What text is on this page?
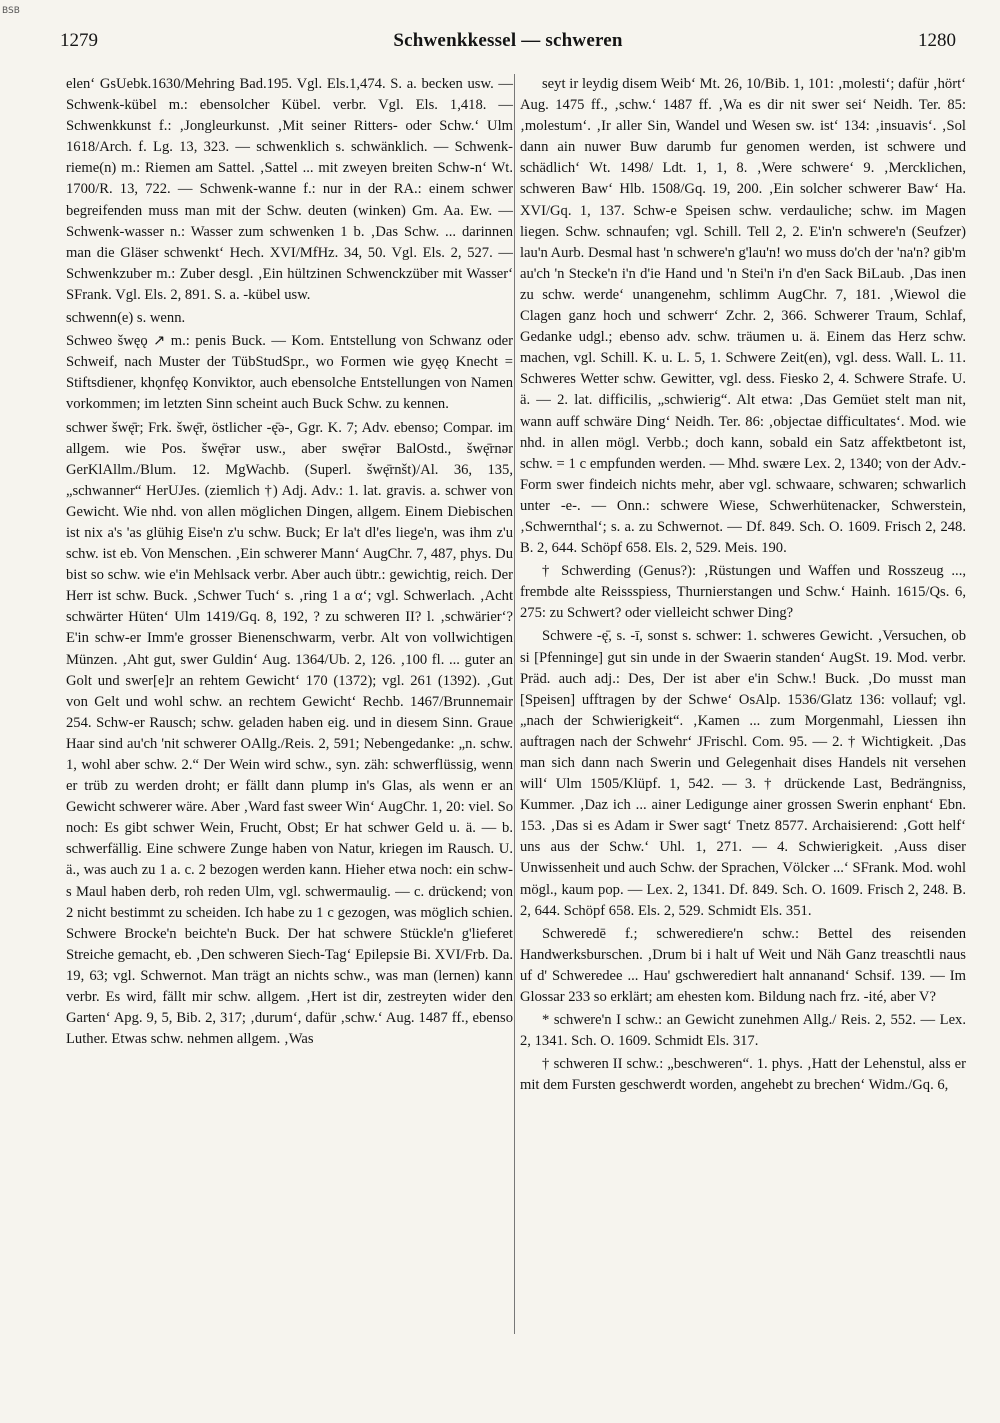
BSB
1279	Schwenkkessel — schweren	1280

elen‘ GsUebk.1630/Mehring Bad.195. Vgl. Els.1,474. S. a. becken usw. — Schwenk-kübel m.: ebensolcher Kübel. verbr. Vgl. Els. 1,418. — Schwenkkunst f.: ‚Jongleurkunst. ‚Mit seiner Ritters- oder Schw.‘ Ulm 1618/Arch. f. Lg. 13, 323. — schwenklich s. schwänklich. — Schwenk-rieme(n) m.: Riemen am Sattel. ‚Sattel ... mit zweyen breiten Schw-n‘ Wt. 1700/R. 13, 722. — Schwenk-wanne f.: nur in der RA.: einem schwer begreifenden muss man mit der Schw. deuten (winken) Gm. Aa. Ew. — Schwenk-wasser n.: Wasser zum schwenken 1 b. ‚Das Schw. ... darinnen man die Gläser schwenkt‘ Hech. XVI/MfHz. 34, 50. Vgl. Els. 2, 527. — Schwenkzuber m.: Zuber desgl. ‚Ein hültzinen Schwenckzüber mit Wasser‘ SFrank. Vgl. Els. 2, 891. S. a. -kübel usw.

schwenn(e) s. wenn.

Schweo šwęǫ ↗ m.: penis Buck. — Kom. Entstellung von Schwanz oder Schweif, nach Muster der TübStudSpr., wo Formen wie gyęǫ Knecht = Stiftsdiener, khǫnfęǫ Konviktor, auch ebensolche Entstellungen von Namen vorkommen; im letzten Sinn scheint auch Buck Schw. zu kennen.

schwer šwę̄r; Frk. šwę̄r, östlicher -ę̄ə-, Ggr. K. 7; Adv. ebenso; Compar. im allgem. wie Pos. šwę̄rər usw., aber swę̄rər BalOstd., šwę̄rnər GerKlAllm./Blum. 12. MgWachb. (Superl. šwę̄rnšt)/Al. 36, 135, „schwanner“ HerUJes. (ziemlich †) Adj. Adv.: 1. lat. gravis. a. schwer von Gewicht. Wie nhd. von allen möglichen Dingen, allgem. Einem Diebischen ist nix a's 'as glühig Eise'n z'u schw. Buck; Er la't dl'es liege'n, was ihm z'u schw. ist eb. Von Menschen. ‚Ein schwerer Mann‘ AugChr. 7, 487, phys. Du bist so schw. wie e'in Mehlsack verbr. Aber auch übtr.: gewichtig, reich. Der Herr ist schw. Buck. ‚Schwer Tuch‘ s. ‚ring 1 a α‘; vgl. Schwerlach. ‚Acht schwärter Hüten‘ Ulm 1419/Gq. 8, 192, ? zu schweren II? l. ‚schwärier‘? E'in schw-er Imm'e grosser Bienenschwarm, verbr. Alt von vollwichtigen Münzen. ‚Aht gut, swer Guldin‘ Aug. 1364/Ub. 2, 126. ‚100 fl. ... guter an Golt und swer[e]r an rehtem Gewicht‘ 170 (1372); vgl. 261 (1392). ‚Gut von Gelt und wohl schw. an rechtem Gewicht‘ Rechb. 1467/Brunnemair 254. Schw-er Rausch; schw. geladen haben eig. und in diesem Sinn. Graue Haar sind au'ch 'nit schwerer OAllg./Reis. 2, 591; Nebengedanke: „n. schw. 1, wohl aber schw. 2.“ Der Wein wird schw., syn. zäh: schwerflüssig, wenn er trüb zu werden droht; er fällt dann plump in's Glas, als wenn er an Gewicht schwerer wäre. Aber ‚Ward fast sweer Win‘ AugChr. 1, 20: viel. So noch: Es gibt schwer Wein, Frucht, Obst; Er hat schwer Geld u. ä. — b. schwerfällig. Eine schwere Zunge haben von Natur, kriegen im Rausch. U. ä., was auch zu 1 a. c. 2 bezogen werden kann. Hieher etwa noch: ein schw-s Maul haben derb, roh reden Ulm, vgl. schwermaulig. — c. drückend; von 2 nicht bestimmt zu scheiden. Ich habe zu 1 c gezogen, was möglich schien. Schwere Brocke'n beichte'n Buck. Der hat schwere Stückle'n g'lieferet Streiche gemacht, eb. ‚Den schweren Siech-Tag‘ Epilepsie Bi. XVI/Frb. Da. 19, 63; vgl. Schwernot. Man trägt an nichts schw., was man (lernen) kann verbr. Es wird, fällt mir schw. allgem. ‚Hert ist dir, zestreyten wider den Garten‘ Apg. 9, 5, Bib. 2, 317; ‚durum‘, dafür ‚schw.‘ Aug. 1487 ff., ebenso Luther. Etwas schw. nehmen allgem. ‚Was

seyt ir leydig disem Weib‘ Mt. 26, 10/Bib. 1, 101: ‚molesti‘; dafür ‚hört‘ Aug. 1475 ff., ‚schw.‘ 1487 ff. ‚Wa es dir nit swer sei‘ Neidh. Ter. 85: ‚molestum‘. ‚Ir aller Sin, Wandel und Wesen sw. ist‘ 134: ‚insuavis‘. ‚Sol dann ain nuwer Buw darumb fur genomen werden, ist schwere und schädlich‘ Wt. 1498/ Ldt. 1, 1, 8. ‚Were schwere‘ 9. ‚Mercklichen, schweren Baw‘ Hlb. 1508/Gq. 19, 200. ‚Ein solcher schwerer Baw‘ Ha. XVI/Gq. 1, 137. Schw-e Speisen schw. verdauliche; schw. im Magen liegen. Schw. schnaufen; vgl. Schill. Tell 2, 2. E'in'n schwere'n (Seufzer) lau'n Aurb. Desmal hast 'n schwere'n g'lau'n! wo muss do'ch der 'na'n? gib'm au'ch 'n Stecke'n i'n d'ie Hand und 'n Stei'n i'n d'en Sack BiLaub. ‚Das inen zu schw. werde‘ unangenehm, schlimm AugChr. 7, 181. ‚Wiewol die Clagen ganz hoch und schwerr‘ Zchr. 2, 366. Schwerer Traum, Schlaf, Gedanke udgl.; ebenso adv. schw. träumen u. ä. Einem das Herz schw. machen, vgl. Schill. K. u. L. 5, 1. Schwere Zeit(en), vgl. dess. Wall. L. 11. Schweres Wetter schw. Gewitter, vgl. dess. Fiesko 2, 4. Schwere Strafe. U. ä. — 2. lat. difficilis, „schwierig“. Alt etwa: ‚Das Gemüet stelt man nit, wann auff schwäre Ding‘ Neidh. Ter. 86: ‚objectae difficultates‘. Mod. wie nhd. in allen mögl. Verbb.; doch kann, sobald ein Satz affektbetont ist, schw. = 1 c empfunden werden. — Mhd. swære Lex. 2, 1340; von der Adv.-Form swer findeich nichts mehr, aber vgl. schwaare, schwaren; schwarlich unter -e-. — Onn.: schwere Wiese, Schwerhütenacker, Schwerstein, ‚Schwernthal‘; s. a. zu Schwernot. — Df. 849. Sch. O. 1609. Frisch 2, 248. B. 2, 644. Schöpf 658. Els. 2, 529. Meis. 190.

† Schwerding (Genus?): ‚Rüstungen und Waffen und Rosszeug ..., frembde alte Reissspiess, Thurnierstangen und Schw.‘ Hainh. 1615/Qs. 6, 275: zu Schwert? oder vielleicht schwer Ding?

Schwere -ę̄, s. -ī, sonst s. schwer: 1. schweres Gewicht. ‚Versuchen, ob si [Pfenninge] gut sin unde in der Swaerin standen‘ AugSt. 19. Mod. verbr. Präd. auch adj.: Des, Der ist aber e'in Schw.! Buck. ‚Do musst man [Speisen] ufftragen by der Schwe‘ OsAlp. 1536/Glatz 136: vollauf; vgl. „nach der Schwierigkeit“. ‚Kamen ... zum Morgenmahl, Liessen ihn auftragen nach der Schwehr‘ JFrischl. Com. 95. — 2. † Wichtigkeit. ‚Das man sich dann nach Swerin und Gelegenhait dises Handels nit versehen will‘ Ulm 1505/Klüpf. 1, 542. — 3. † drückende Last, Bedrängniss, Kummer. ‚Daz ich ... ainer Ledigunge ainer grossen Swerin enphant‘ Ebn. 153. ‚Das si es Adam ir Swer sagt‘ Tnetz 8577. Archaisierend: ‚Gott helf‘ uns aus der Schw.‘ Uhl. 1, 271. — 4. Schwierigkeit. ‚Auss diser Unwissenheit und auch Schw. der Sprachen, Völcker ...‘ SFrank. Mod. wohl mögl., kaum pop. — Lex. 2, 1341. Df. 849. Sch. O. 1609. Frisch 2, 248. B. 2, 644. Schöpf 658. Els. 2, 529. Schmidt Els. 351.

Schweredē f.; schwerediere'n schw.: Bettel des reisenden Handwerksburschen. ‚Drum bi i halt uf Weit und Näh Ganz treaschtli naus uf d' Schweredee ... Hau' gschwerediert halt annanand‘ Schsif. 139. — Im Glossar 233 so erklärt; am ehesten kom. Bildung nach frz. -ité, aber V?

* schwere'n I schw.: an Gewicht zunehmen Allg./ Reis. 2, 552. — Lex. 2, 1341. Sch. O. 1609. Schmidt Els. 317.

† schweren II schw.: „beschweren“. 1. phys. ‚Hatt der Lehenstul, alss er mit dem Fursten geschwerdt worden, angehebt zu brechen‘ Widm./Gq. 6,
